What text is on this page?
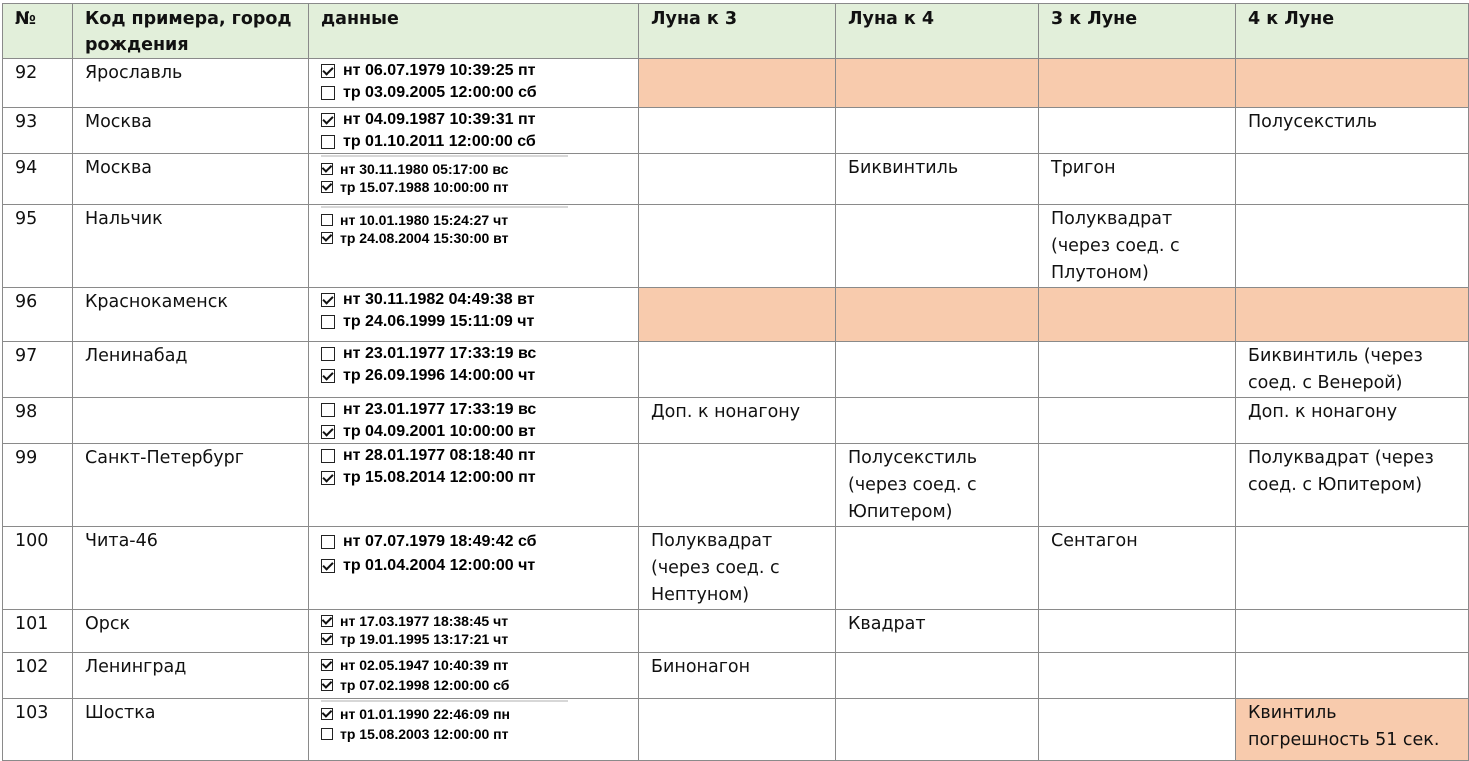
№	Код примера, город рождения	данные	Луна к 3	Луна к 4	3 к Луне	4 к Луне
92	Ярославль	нт 06.07.1979 10:39:25 пт
тр 03.09.2005 12:00:00 сб				

93	Москва	нт 04.09.1987 10:39:31 пт
тр 01.10.2011 12:00:00 сб				Полусекстиль
94	Москва	нт 30.11.1980 05:17:00 вс
тр 15.07.1988 10:00:00 пт		Биквинтиль	Тригон	
95	Нальчик	нт 10.01.1980 15:24:27 чт
тр 24.08.2004 15:30:00 вт			Полуквадрат (через соед. с Плутоном)	
96	Краснокаменск	нт 30.11.1982 04:49:38 вт
тр 24.06.1999 15:11:09 чт				

97	Ленинабад	нт 23.01.1977 17:33:19 вс
тр 26.09.1996 14:00:00 чт				Биквинтиль (через соед. с Венерой)
98		нт 23.01.1977 17:33:19 вс
тр 04.09.2001 10:00:00 вт	Доп. к нонагону			Доп. к нонагону
99	Санкт-Петербург	нт 28.01.1977 08:18:40 пт
тр 15.08.2014 12:00:00 пт		Полусекстиль (через соед. с Юпитером)		Полуквадрат (через соед. с Юпитером)
100	Чита-46	нт 07.07.1979 18:49:42 сб
тр 01.04.2004 12:00:00 чт	Полуквадрат (через соед. с Нептуном)		Сентагон	
101	Орск	нт 17.03.1977 18:38:45 чт
тр 19.01.1995 13:17:21 чт		Квадрат		
102	Ленинград	нт 02.05.1947 10:40:39 пт
тр 07.02.1998 12:00:00 сб	Бинонагон			
103	Шостка	нт 01.01.1990 22:46:09 пн
тр 15.08.2003 12:00:00 пт				Квинтиль погрешность 51 сек.
